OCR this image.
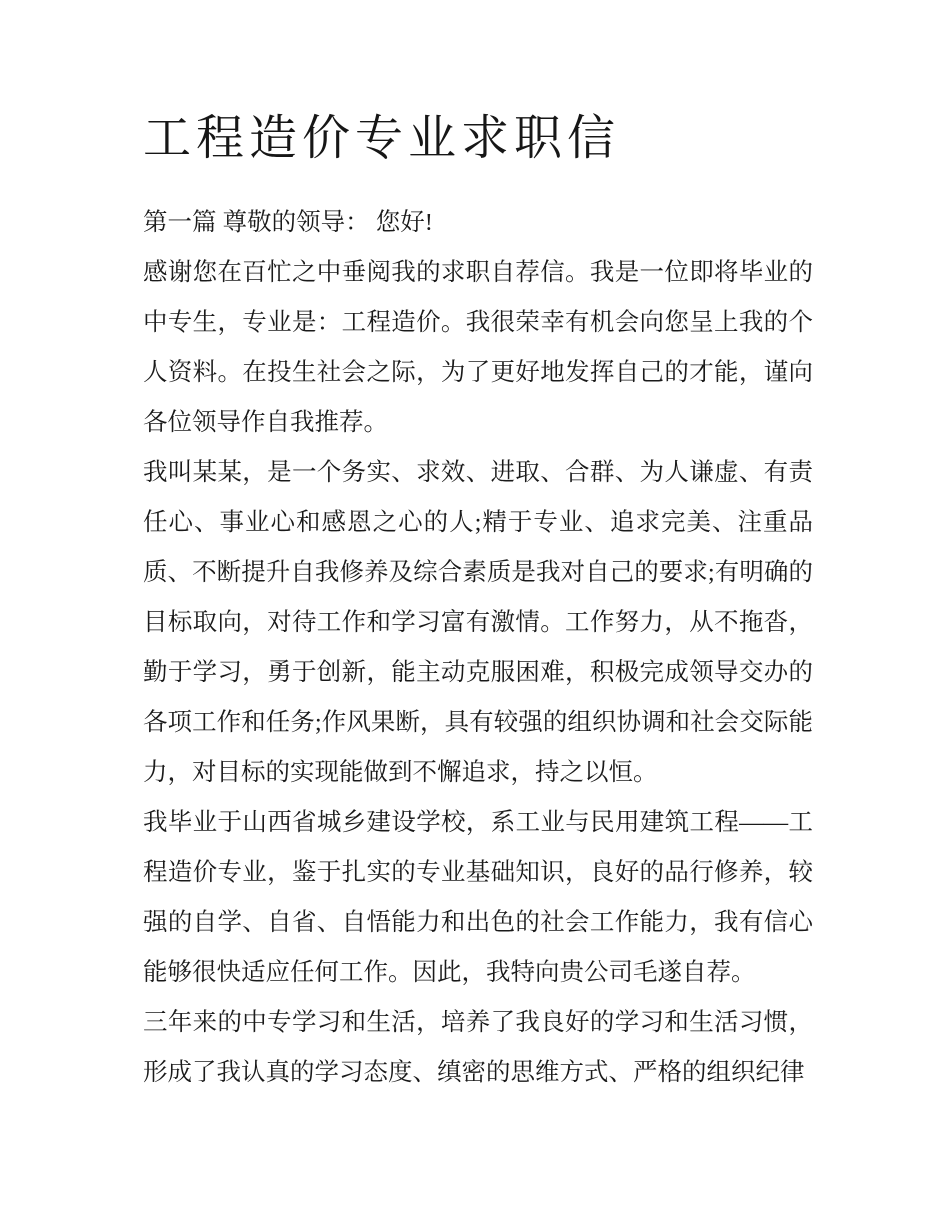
工程造价专业求职信

第一篇 尊敬的领导： 您好!

感谢您在百忙之中垂阅我的求职自荐信。我是一位即将毕业的中专生，专业是：工程造价。我很荣幸有机会向您呈上我的个人资料。在投生社会之际，为了更好地发挥自己的才能，谨向各位领导作自我推荐。

我叫某某，是一个务实、求效、进取、合群、为人谦虚、有责任心、事业心和感恩之心的人;精于专业、追求完美、注重品质、不断提升自我修养及综合素质是我对自己的要求;有明确的目标取向，对待工作和学习富有激情。工作努力，从不拖沓，勤于学习，勇于创新，能主动克服困难，积极完成领导交办的各项工作和任务;作风果断，具有较强的组织协调和社会交际能力，对目标的实现能做到不懈追求，持之以恒。

我毕业于山西省城乡建设学校，系工业与民用建筑工程——工程造价专业，鉴于扎实的专业基础知识，良好的品行修养，较强的自学、自省、自悟能力和出色的社会工作能力，我有信心能够很快适应任何工作。因此，我特向贵公司毛遂自荐。

三年来的中专学习和生活，培养了我良好的学习和生活习惯，形成了我认真的学习态度、缜密的思维方式、严格的组织纪律
